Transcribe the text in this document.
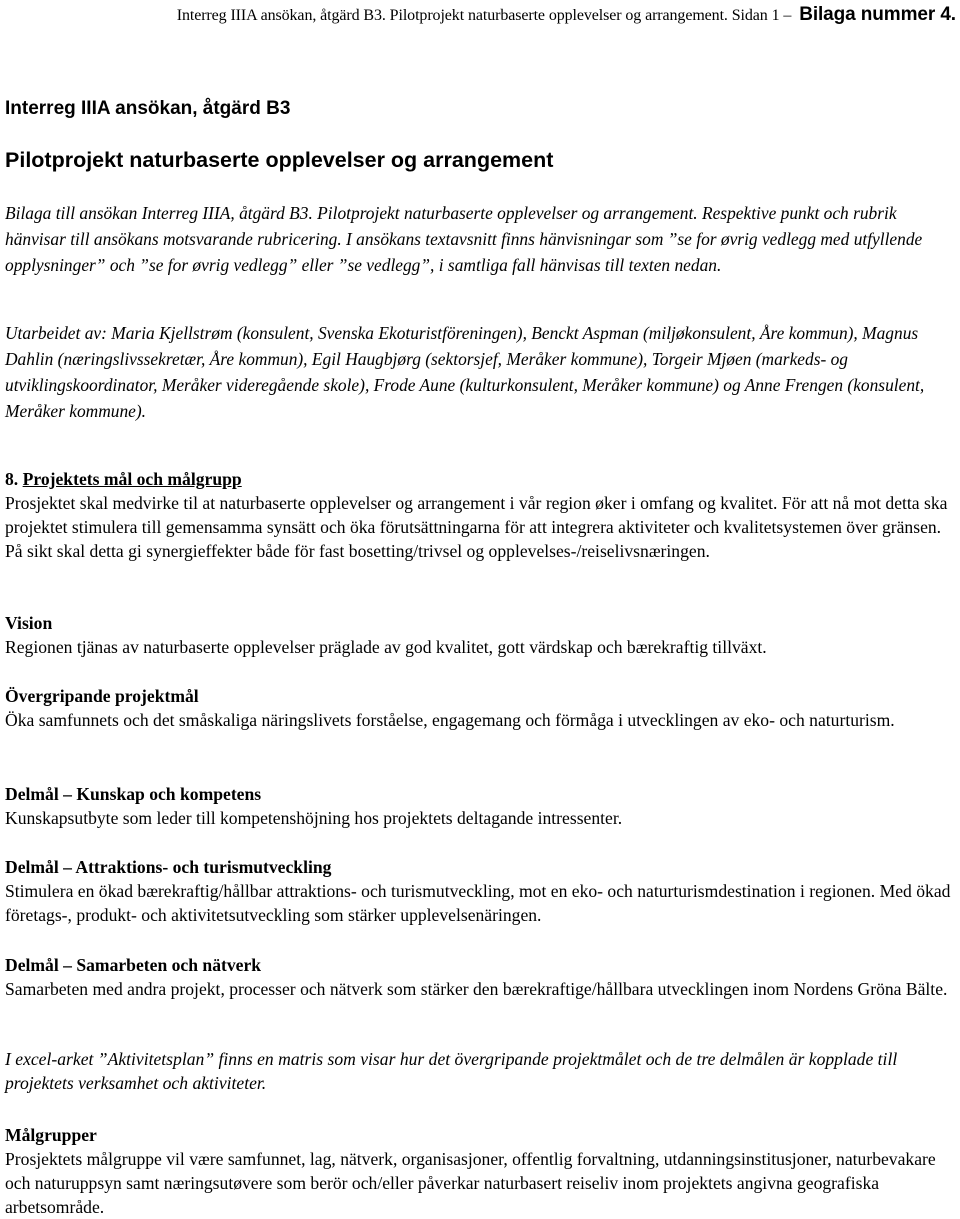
Interreg IIIA ansökan, åtgärd B3. Pilotprojekt naturbaserte opplevelser og arrangement. Sidan 1 – Bilaga nummer 4.
Interreg IIIA ansökan, åtgärd B3
Pilotprojekt naturbaserte opplevelser og arrangement

Bilaga till ansökan Interreg IIIA, åtgärd B3. Pilotprojekt naturbaserte opplevelser og arrangement. Respektive punkt och rubrik hänvisar till ansökans motsvarande rubricering. I ansökans textavsnitt finns hänvisningar som ”se for øvrig vedlegg med utfyllende opplysninger” och ”se for øvrig vedlegg” eller ”se vedlegg”, i samtliga fall hänvisas till texten nedan.

Utarbeidet av: Maria Kjellstrøm (konsulent, Svenska Ekoturistföreningen), Benckt Aspman (miljøkonsulent, Åre kommun), Magnus Dahlin (næringslivssekretær, Åre kommun), Egil Haugbjørg (sektorsjef, Meråker kommune), Torgeir Mjøen (markeds- og utviklingskoordinator, Meråker videregående skole), Frode Aune (kulturkonsulent, Meråker kommune) og Anne Frengen (konsulent, Meråker kommune).

8. Projektets mål och målgrupp
Prosjektet skal medvirke til at naturbaserte opplevelser og arrangement i vår region øker i omfang og kvalitet. För att nå mot detta ska projektet stimulera till gemensamma synsätt och öka förutsättningarna för att integrera aktiviteter och kvalitetsystemen över gränsen. På sikt skal detta gi synergieffekter både för fast bosetting/trivsel og opplevelses-/reiselivsnæringen.
Vision
Regionen tjänas av naturbaserte opplevelser präglade av god kvalitet, gott värdskap och bærekraftig tillväxt.
Övergripande projektmål
Öka samfunnets och det småskaliga näringslivets forståelse, engagemang och förmåga i utvecklingen av eko- och naturturism.
Delmål – Kunskap och kompetens
Kunskapsutbyte som leder till kompetenshöjning hos projektets deltagande intressenter.
Delmål – Attraktions- och turismutveckling
Stimulera en ökad bærekraftig/hållbar attraktions- och turismutveckling, mot en eko- och naturturismdestination i regionen. Med ökad företags-, produkt- och aktivitetsutveckling som stärker upplevelsenäringen.
Delmål – Samarbeten och nätverk
Samarbeten med andra projekt, processer och nätverk som stärker den bærekraftige/hållbara utvecklingen inom Nordens Gröna Bälte.
I excel-arket ”Aktivitetsplan” finns en matris som visar hur det övergripande projektmålet och de tre delmålen är kopplade till projektets verksamhet och aktiviteter.
Målgrupper
Prosjektets målgruppe vil være samfunnet, lag, nätverk, organisasjoner, offentlig forvaltning, utdanningsinstitusjoner, naturbevakare och naturuppsyn samt næringsutøvere som berör och/eller påverkar naturbasert reiseliv inom projektets angivna geografiska arbetsområde.
